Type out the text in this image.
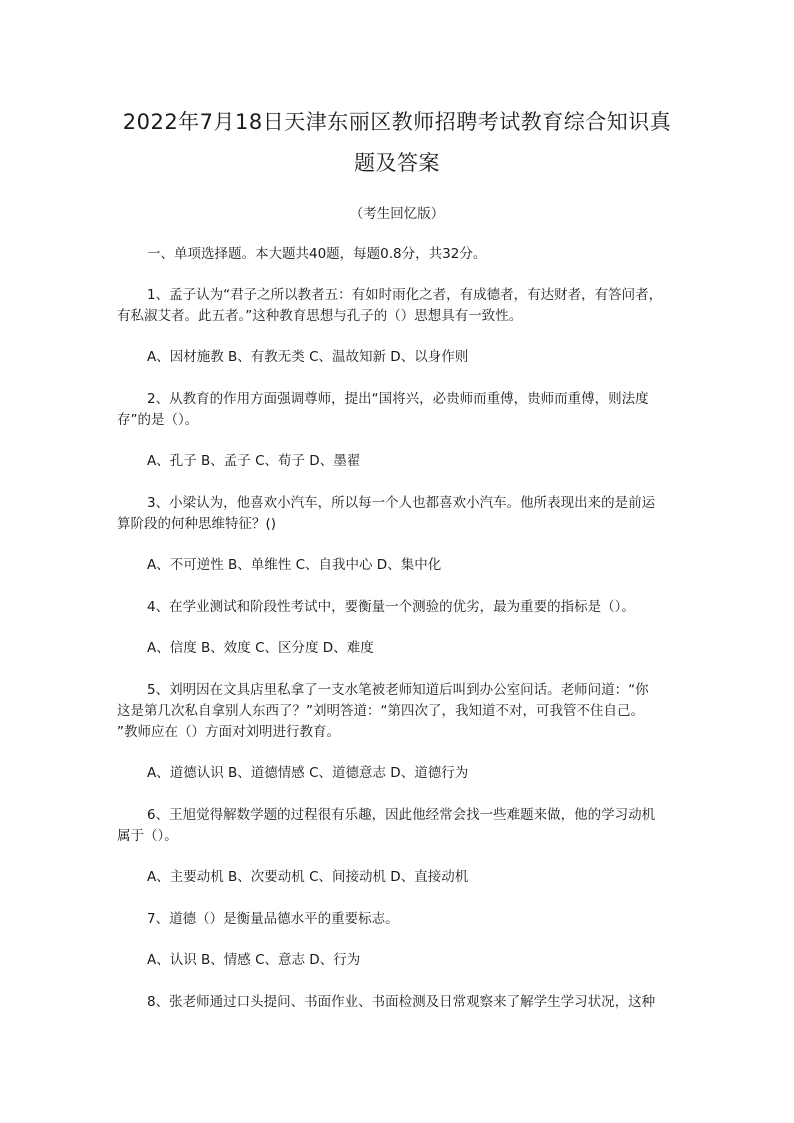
2022年7月18日天津东丽区教师招聘考试教育综合知识真
题及答案
（考生回忆版）
一、单项选择题。本大题共40题，每题0.8分，共32分。
1、孟子认为“君子之所以教者五：有如时雨化之者，有成德者，有达财者，有答问者，
有私淑艾者。此五者。”这种教育思想与孔子的（）思想具有一致性。
A、因材施教 B、有教无类 C、温故知新 D、以身作则
2、从教育的作用方面强调尊师，提出“国将兴，必贵师而重傅，贵师而重傅，则法度
存”的是（）。
A、孔子 B、孟子 C、荀子 D、墨翟
3、小梁认为，他喜欢小汽车，所以每一个人也都喜欢小汽车。他所表现出来的是前运
算阶段的何种思维特征？()
A、不可逆性 B、单维性 C、自我中心 D、集中化
4、在学业测试和阶段性考试中，要衡量一个测验的优劣，最为重要的指标是（）。
A、信度 B、效度 C、区分度 D、难度
5、刘明因在文具店里私拿了一支水笔被老师知道后叫到办公室问话。老师问道：“你
这是第几次私自拿别人东西了？”刘明答道：“第四次了，我知道不对，可我管不住自己。
”教师应在（）方面对刘明进行教育。
A、道德认识 B、道德情感 C、道德意志 D、道德行为
6、王旭觉得解数学题的过程很有乐趣，因此他经常会找一些难题来做，他的学习动机
属于（）。
A、主要动机 B、次要动机 C、间接动机 D、直接动机
7、道德（）是衡量品德水平的重要标志。
A、认识 B、情感 C、意志 D、行为
8、张老师通过口头提问、书面作业、书面检测及日常观察来了解学生学习状况，这种
